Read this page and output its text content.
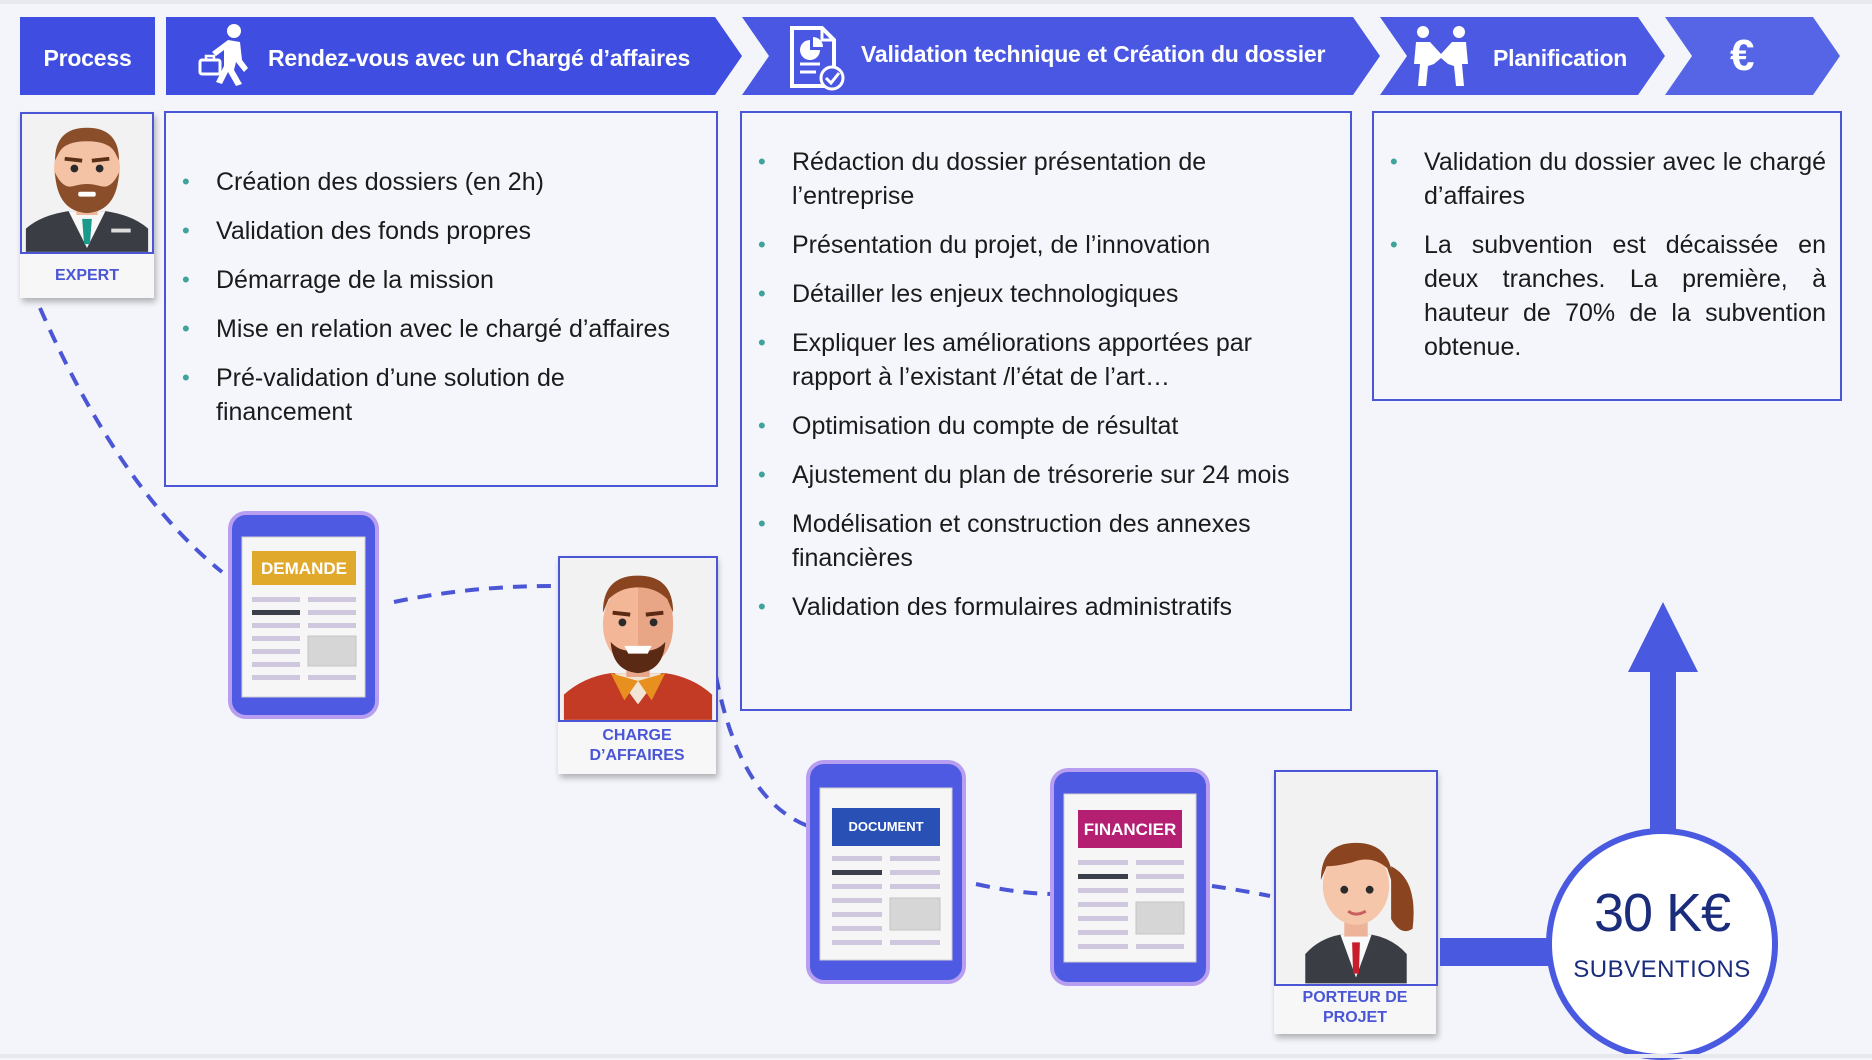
Process	Rendez-vous avec un Chargé d’affaires	Validation technique et Création du dossier	Planification €
• Création des dossiers (en 2h)
• Validation des fonds propres
• Démarrage de la mission
• Mise en relation avec le chargé d’affaires
• Pré-validation d’une solution de financement
• Rédaction du dossier présentation de l’entreprise
• Présentation du projet, de l’innovation
• Détailler les enjeux technologiques
• Expliquer les améliorations apportées par rapport à l’existant /l’état de l’art…
• Optimisation du compte de résultat
• Ajustement du plan de trésorerie sur 24 mois
• Modélisation et construction des annexes financières
• Validation des formulaires administratifs
• Validation du dossier avec le chargé d’affaires
• La subvention est décaissée en deux tranches. La première, à hauteur de 70% de la subvention obtenue.
EXPERT
CHARGE D’AFFAIRES
PORTEUR DE PROJET
DEMANDE
DOCUMENT	FINANCIER
30 K€
SUBVENTIONS
